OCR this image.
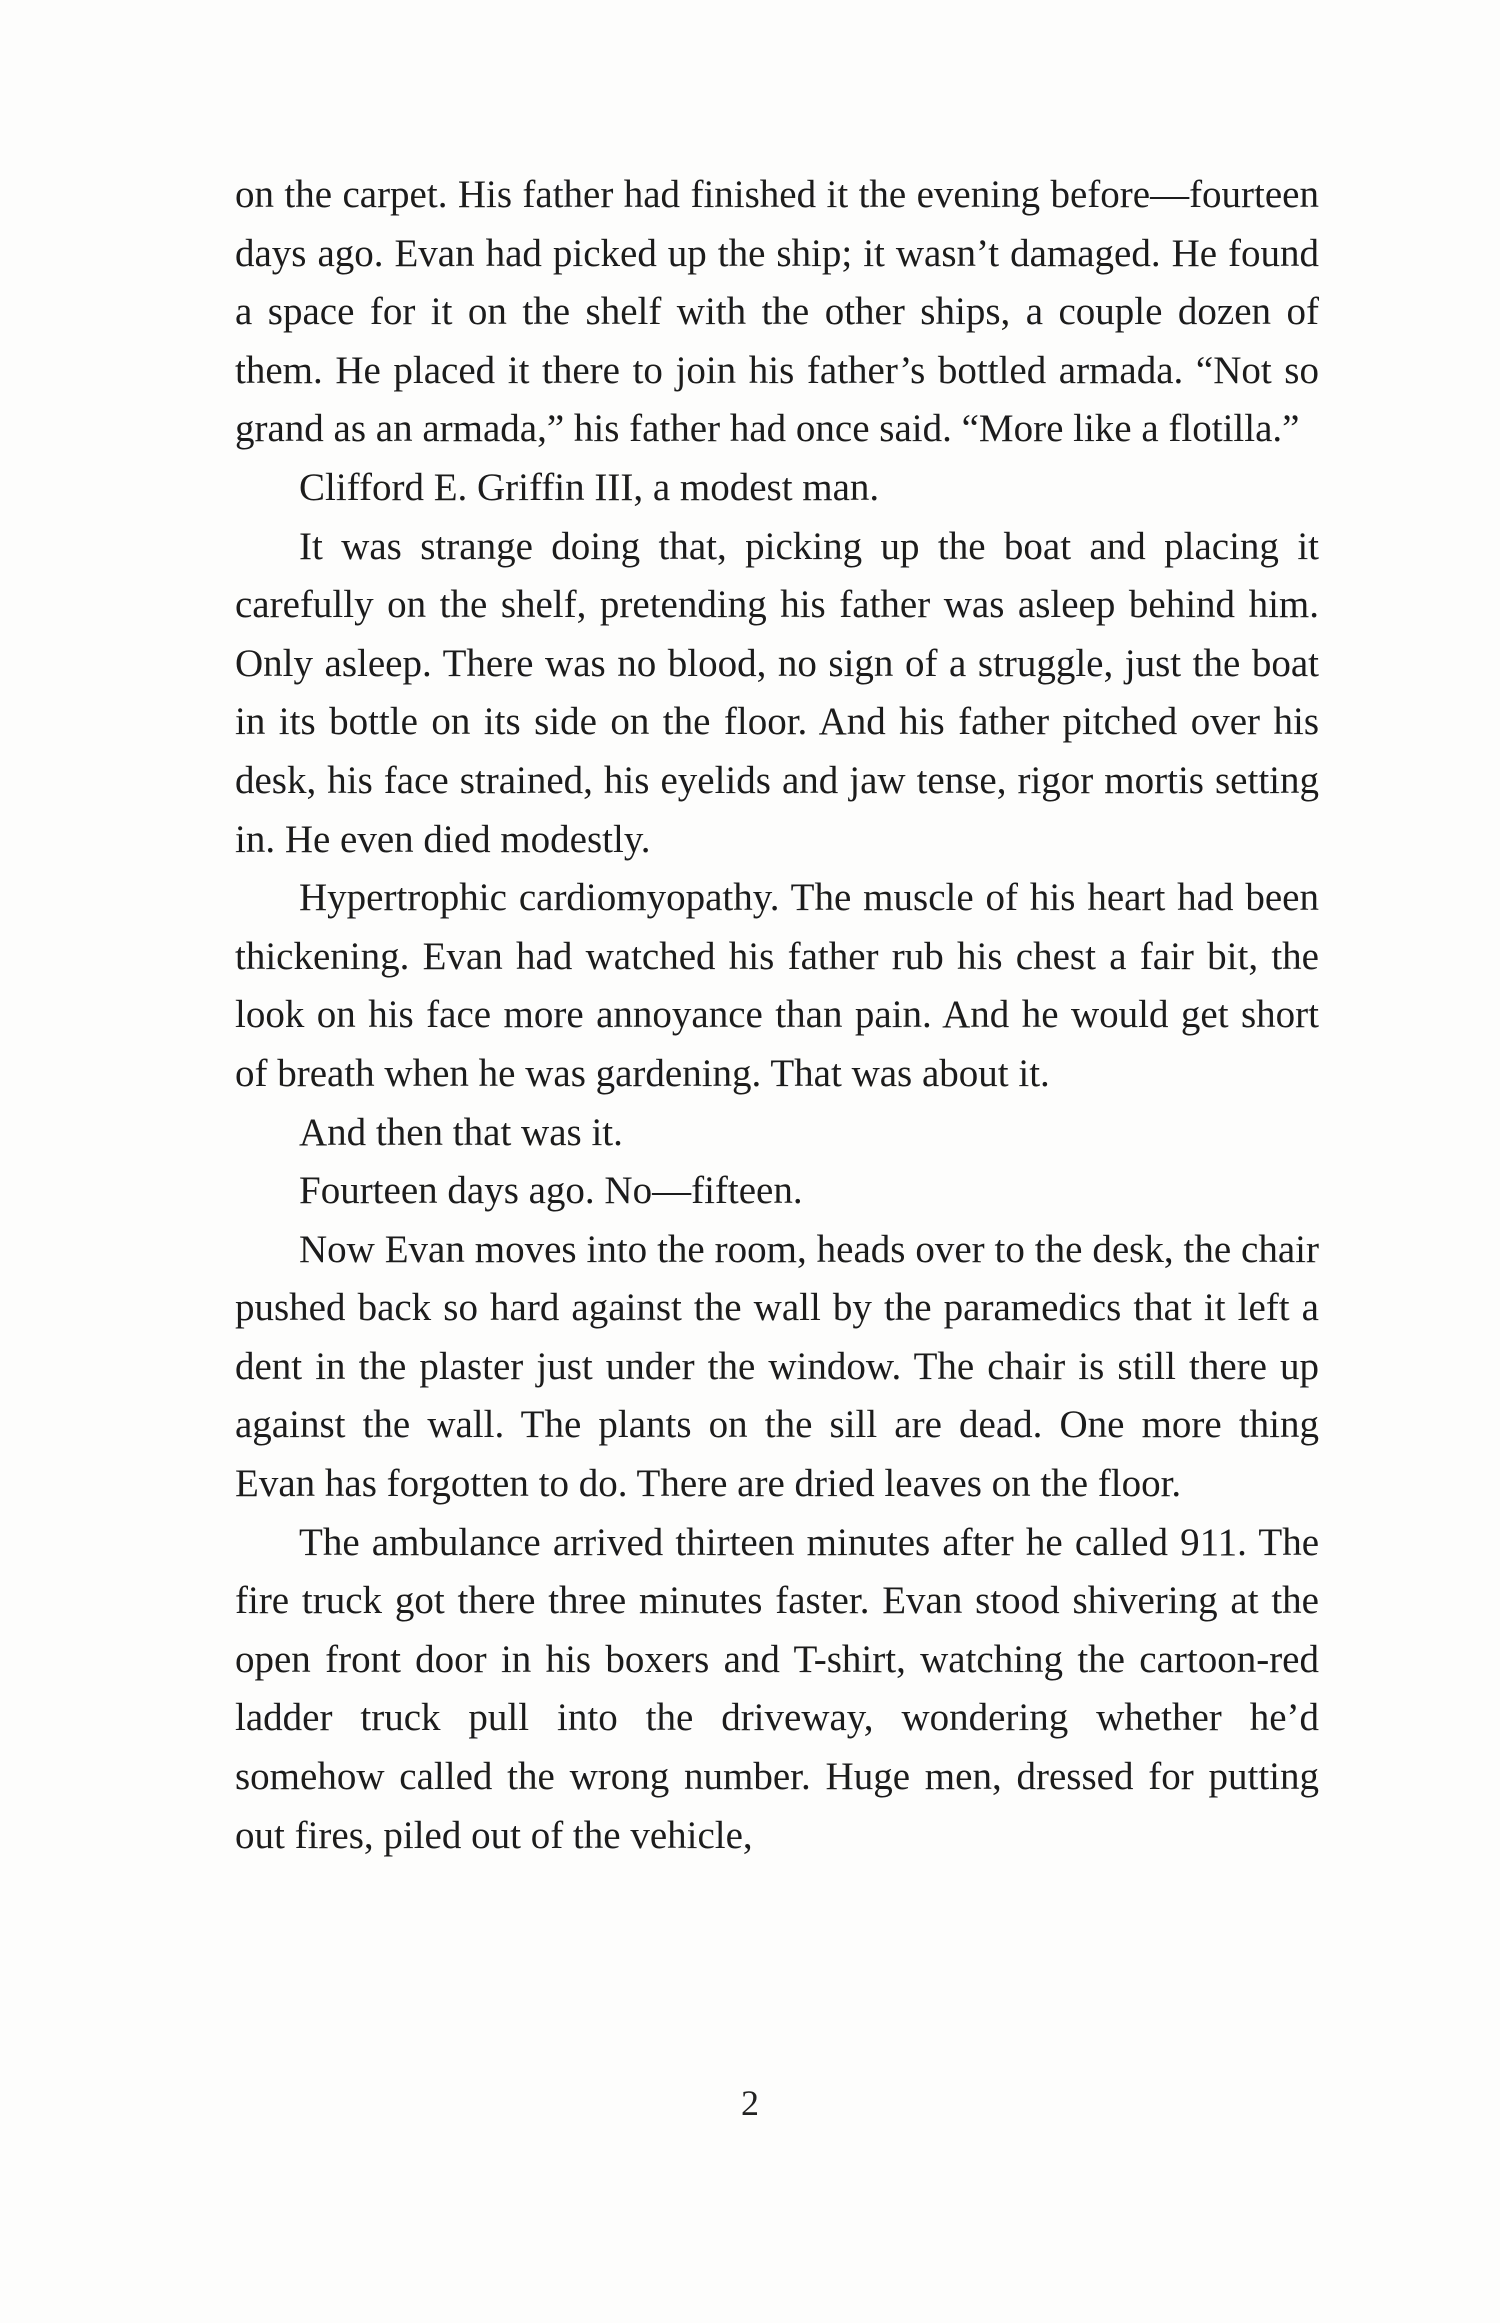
on the carpet. His father had finished it the evening before—fourteen days ago. Evan had picked up the ship; it wasn’t damaged. He found a space for it on the shelf with the other ships, a couple dozen of them. He placed it there to join his father’s bottled armada. “Not so grand as an armada,” his father had once said. “More like a flotilla.”

Clifford E. Griffin III, a modest man.

It was strange doing that, picking up the boat and placing it carefully on the shelf, pretending his father was asleep behind him. Only asleep. There was no blood, no sign of a struggle, just the boat in its bottle on its side on the floor. And his father pitched over his desk, his face strained, his eyelids and jaw tense, rigor mortis setting in. He even died modestly.

Hypertrophic cardiomyopathy. The muscle of his heart had been thickening. Evan had watched his father rub his chest a fair bit, the look on his face more annoyance than pain. And he would get short of breath when he was gardening. That was about it.

And then that was it.

Fourteen days ago. No—fifteen.

Now Evan moves into the room, heads over to the desk, the chair pushed back so hard against the wall by the paramedics that it left a dent in the plaster just under the window. The chair is still there up against the wall. The plants on the sill are dead. One more thing Evan has forgotten to do. There are dried leaves on the floor.

The ambulance arrived thirteen minutes after he called 911. The fire truck got there three minutes faster. Evan stood shivering at the open front door in his boxers and T-shirt, watching the cartoon-red ladder truck pull into the driveway, wondering whether he’d somehow called the wrong number. Huge men, dressed for putting out fires, piled out of the vehicle,

2
